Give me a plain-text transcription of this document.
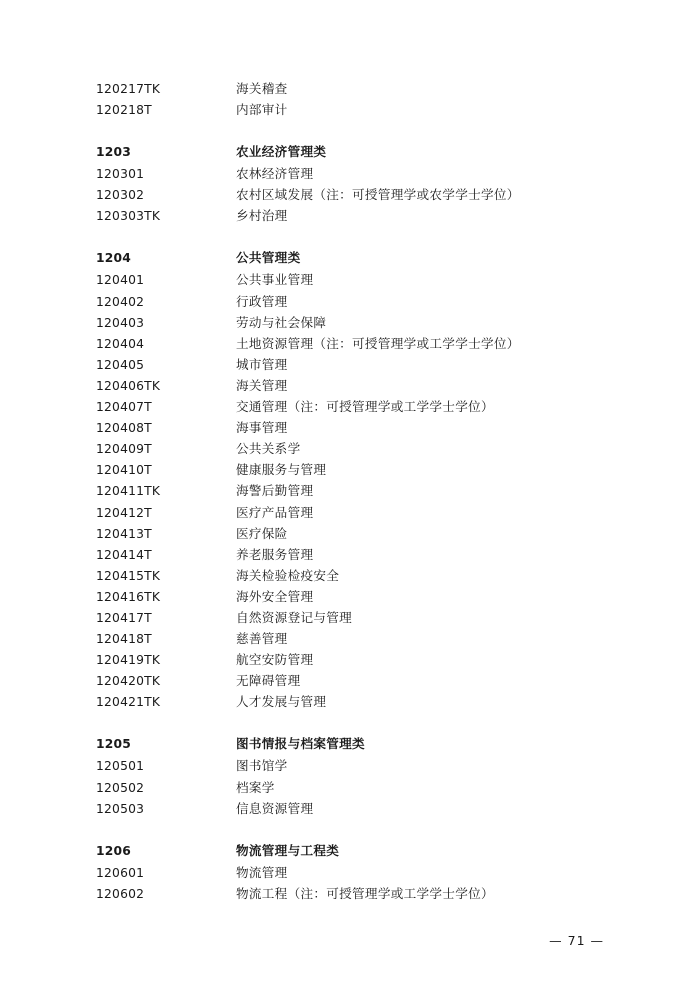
120217TK	海关稽查
120218T	内部审计
1203	农业经济管理类
120301	农林经济管理
120302	农村区域发展（注：可授管理学或农学学士学位）
120303TK	乡村治理
1204	公共管理类
120401	公共事业管理
120402	行政管理
120403	劳动与社会保障
120404	土地资源管理（注：可授管理学或工学学士学位）
120405	城市管理
120406TK	海关管理
120407T	交通管理（注：可授管理学或工学学士学位）
120408T	海事管理
120409T	公共关系学
120410T	健康服务与管理
120411TK	海警后勤管理
120412T	医疗产品管理
120413T	医疗保险
120414T	养老服务管理
120415TK	海关检验检疫安全
120416TK	海外安全管理
120417T	自然资源登记与管理
120418T	慈善管理
120419TK	航空安防管理
120420TK	无障碍管理
120421TK	人才发展与管理
1205	图书情报与档案管理类
120501	图书馆学
120502	档案学
120503	信息资源管理
1206	物流管理与工程类
120601	物流管理
120602	物流工程（注：可授管理学或工学学士学位）
— 71 —
